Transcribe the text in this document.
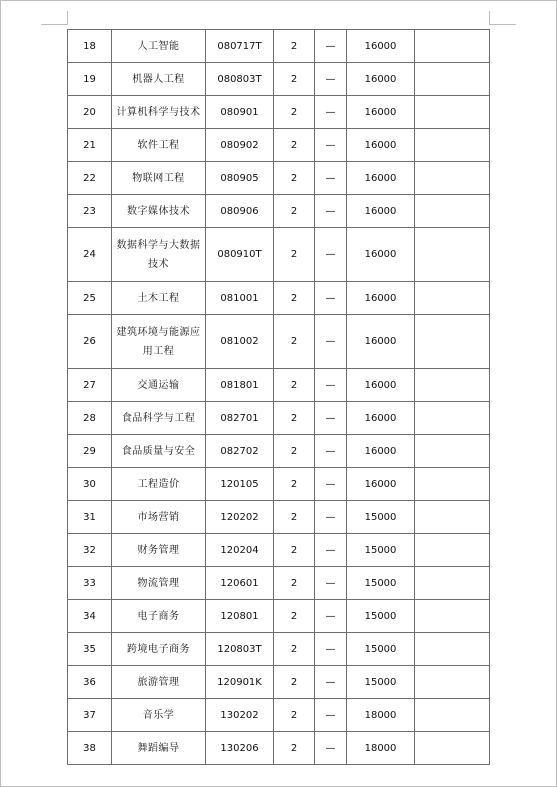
18	人工智能	080717T	2	—	16000	
19	机器人工程	080803T	2	—	16000	
20	计算机科学与技术	080901	2	—	16000	
21	软件工程	080902	2	—	16000	
22	物联网工程	080905	2	—	16000	
23	数字媒体技术	080906	2	—	16000	
24	数据科学与大数据技术	080910T	2	—	16000	
25	土木工程	081001	2	—	16000	
26	建筑环境与能源应用工程	081002	2	—	16000	
27	交通运输	081801	2	—	16000	
28	食品科学与工程	082701	2	—	16000	
29	食品质量与安全	082702	2	—	16000	
30	工程造价	120105	2	—	16000	
31	市场营销	120202	2	—	15000	
32	财务管理	120204	2	—	15000	
33	物流管理	120601	2	—	15000	
34	电子商务	120801	2	—	15000	
35	跨境电子商务	120803T	2	—	15000	
36	旅游管理	120901K	2	—	15000	
37	音乐学	130202	2	—	18000	
38	舞蹈编导	130206	2	—	18000	
